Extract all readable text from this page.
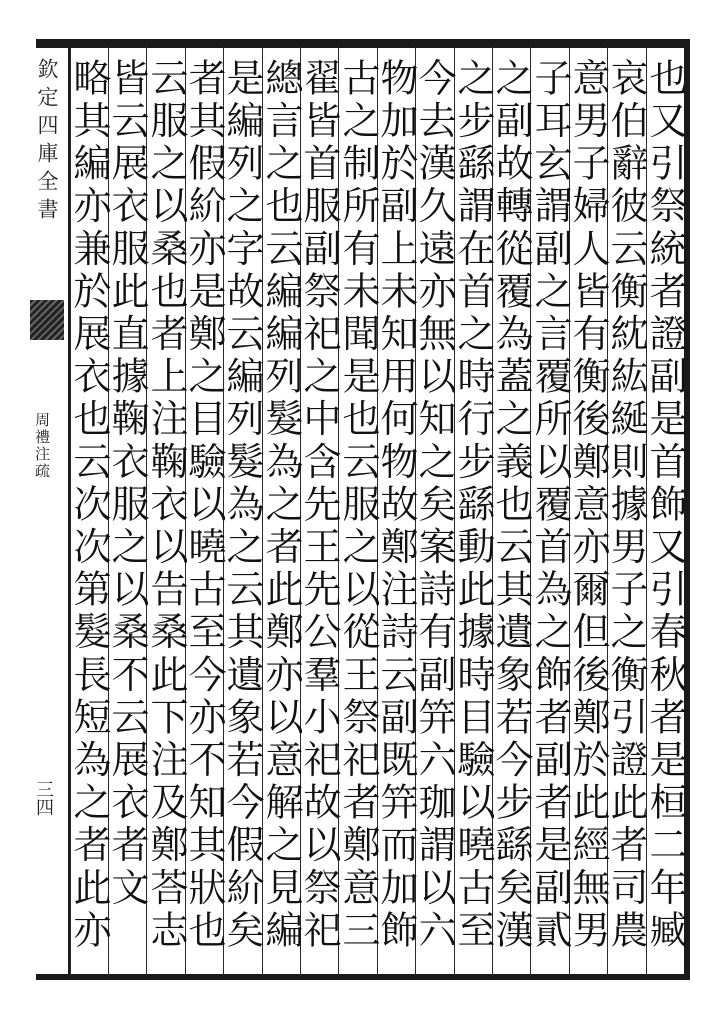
欽定四庫全書
周禮注疏
三四	也又引祭統者證副是首飾又引春秋者是桓二年臧
哀伯辭彼云衡紞紘綖則據男子之衡引證此者司農
意男子婦人皆有衡後鄭意亦爾但後鄭於此經無男
子耳玄謂副之言覆所以覆首為之飾者副者是副貳
之副故轉從覆為蓋之義也云其遺象若今步繇矣漢
之步繇謂在首之時行步繇動此據時目驗以曉古至
今去漢久遠亦無以知之矣案詩有副笄六珈謂以六
物加於副上未知用何物故鄭注詩云副既笄而加飾
古之制所有未聞是也云服之以從王祭祀者鄭意三
翟皆首服副祭祀之中含先王先公羣小祀故以祭祀
總言之也云編編列髮為之者此鄭亦以意解之見編
是編列之字故云編列髮為之云其遺象若今假紒矣
者其假紒亦是鄭之目驗以曉古至今亦不知其狀也
云服之以桑也者上注鞠衣以告桑此下注及鄭荅志
皆云展衣服此直據鞠衣服之以桑不云展衣者文
略其編亦兼於展衣也云次次第髮長短為之者此亦
